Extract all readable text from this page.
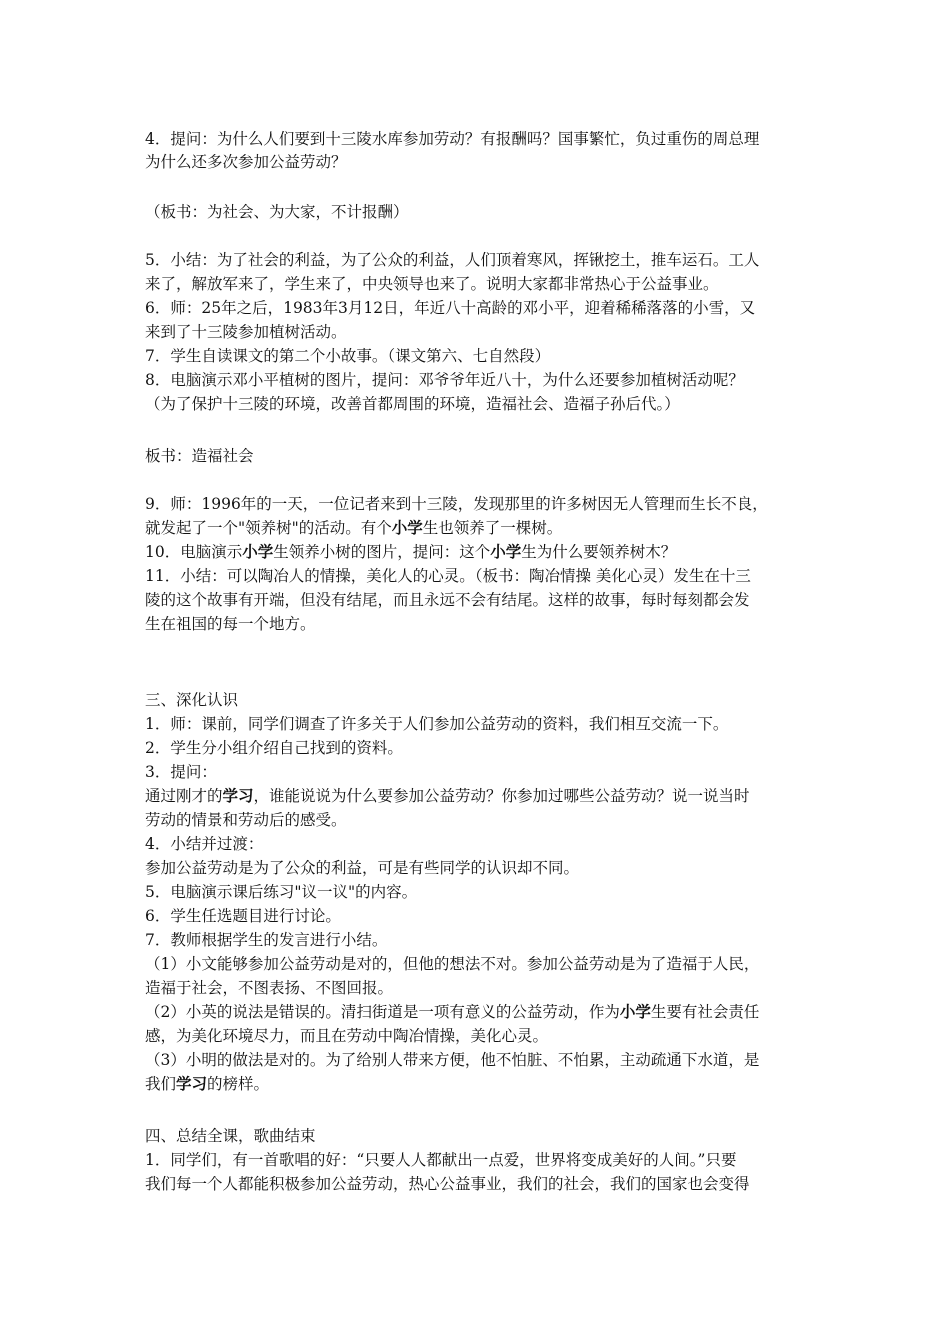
4．提问：为什么人们要到十三陵水库参加劳动？有报酬吗？国事繁忙，负过重伤的周总理
为什么还多次参加公益劳动？
（板书：为社会、为大家，不计报酬）
5．小结：为了社会的利益，为了公众的利益，人们顶着寒风，挥锹挖土，推车运石。工人
来了，解放军来了，学生来了，中央领导也来了。说明大家都非常热心于公益事业。
6．师：25年之后，1983年3月12日，年近八十高龄的邓小平，迎着稀稀落落的小雪，又
来到了十三陵参加植树活动。
7．学生自读课文的第二个小故事。（课文第六、七自然段）
8．电脑演示邓小平植树的图片，提问：邓爷爷年近八十，为什么还要参加植树活动呢？
（为了保护十三陵的环境，改善首都周围的环境，造福社会、造福子孙后代。）
板书：造福社会
9．师：1996年的一天，一位记者来到十三陵，发现那里的许多树因无人管理而生长不良，
就发起了一个"领养树"的活动。有个小学生也领养了一棵树。
10．电脑演示小学生领养小树的图片，提问：这个小学生为什么要领养树木？
11．小结：可以陶冶人的情操，美化人的心灵。（板书：陶冶情操 美化心灵）发生在十三
陵的这个故事有开端，但没有结尾，而且永远不会有结尾。这样的故事，每时每刻都会发
生在祖国的每一个地方。
三、深化认识
1．师：课前，同学们调查了许多关于人们参加公益劳动的资料，我们相互交流一下。
2．学生分小组介绍自己找到的资料。
3．提问：
通过刚才的学习，谁能说说为什么要参加公益劳动？你参加过哪些公益劳动？说一说当时
劳动的情景和劳动后的感受。
4．小结并过渡：
参加公益劳动是为了公众的利益，可是有些同学的认识却不同。
5．电脑演示课后练习"议一议"的内容。
6．学生任选题目进行讨论。
7．教师根据学生的发言进行小结。
（1）小文能够参加公益劳动是对的，但他的想法不对。参加公益劳动是为了造福于人民，
造福于社会，不图表扬、不图回报。
（2）小英的说法是错误的。清扫街道是一项有意义的公益劳动，作为小学生要有社会责任
感，为美化环境尽力，而且在劳动中陶冶情操，美化心灵。
（3）小明的做法是对的。为了给别人带来方便，他不怕脏、不怕累，主动疏通下水道，是
我们学习的榜样。
四、总结全课，歌曲结束
1．同学们，有一首歌唱的好：“只要人人都献出一点爱，世界将变成美好的人间。”只要
我们每一个人都能积极参加公益劳动，热心公益事业，我们的社会，我们的国家也会变得
